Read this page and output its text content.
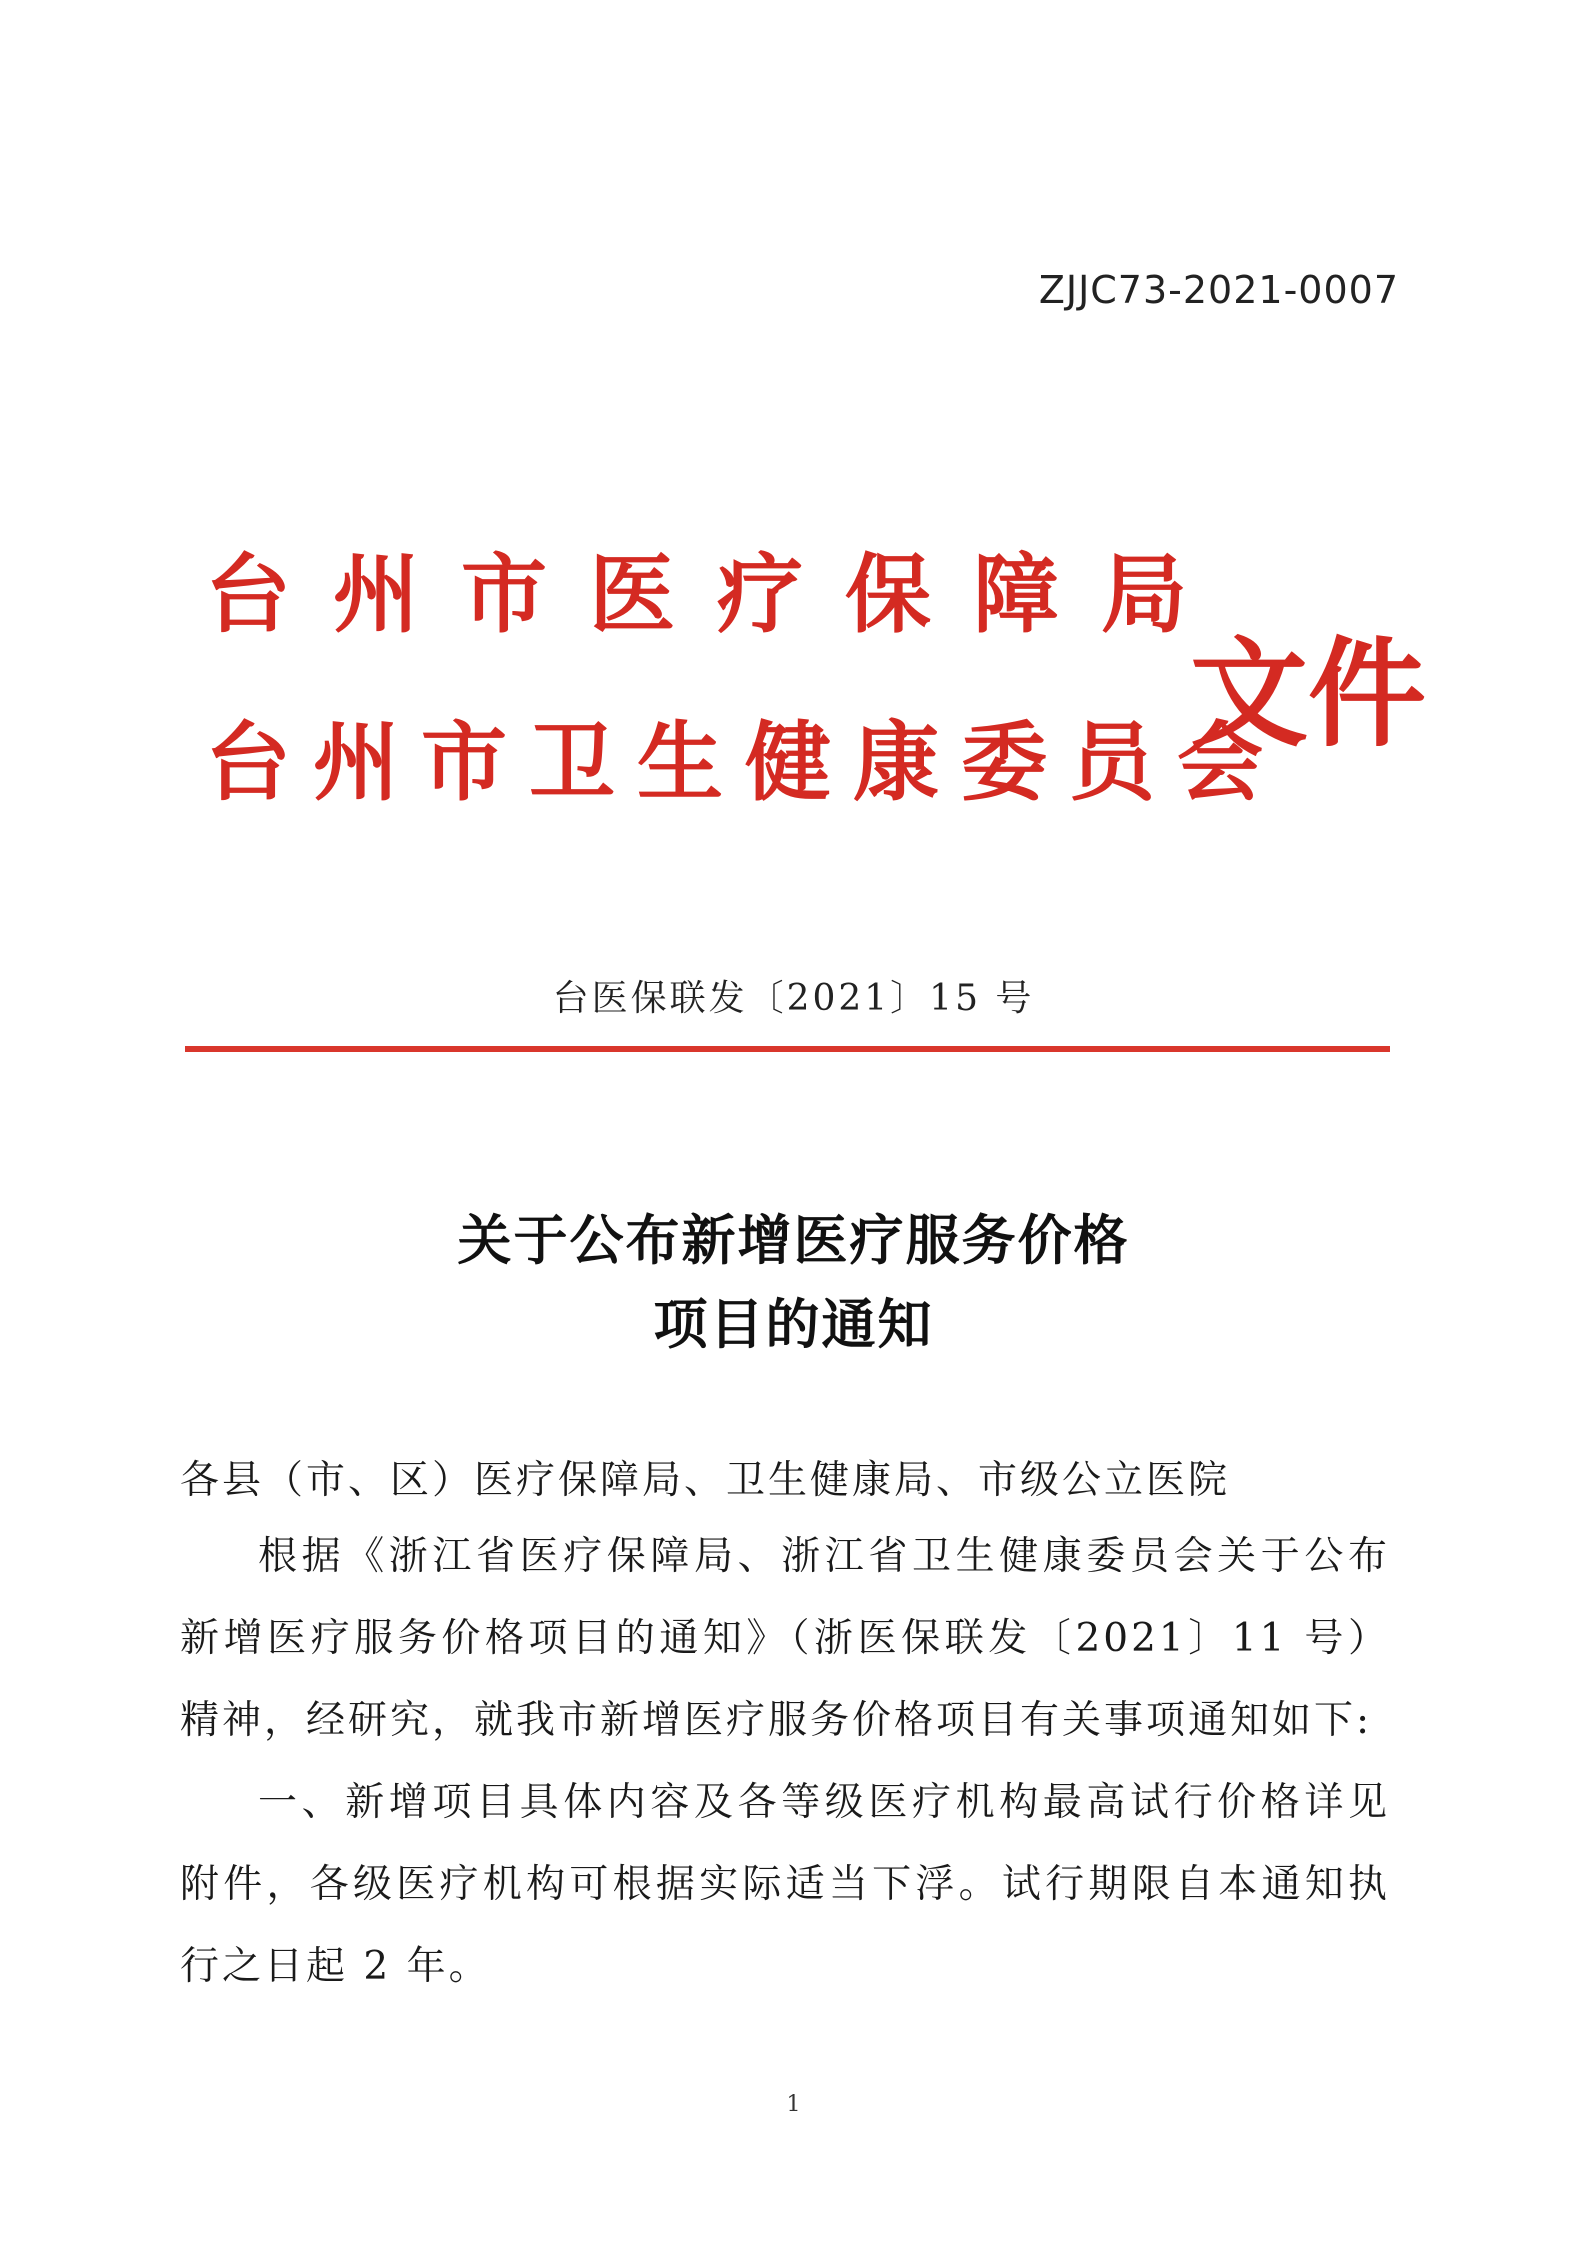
ZJJC73-2021-0007
台州市医疗保障局
台州市卫生健康委员会
文件
台医保联发〔2021〕15 号
关于公布新增医疗服务价格
项目的通知
各县（市、区）医疗保障局、卫生健康局、市级公立医院
根据《浙江省医疗保障局、浙江省卫生健康委员会关于公布新增医疗服务价格项目的通知》（浙医保联发〔2021〕11 号）精神，经研究，就我市新增医疗服务价格项目有关事项通知如下:
一、新增项目具体内容及各等级医疗机构最高试行价格详见附件，各级医疗机构可根据实际适当下浮。试行期限自本通知执行之日起 2 年。
1
